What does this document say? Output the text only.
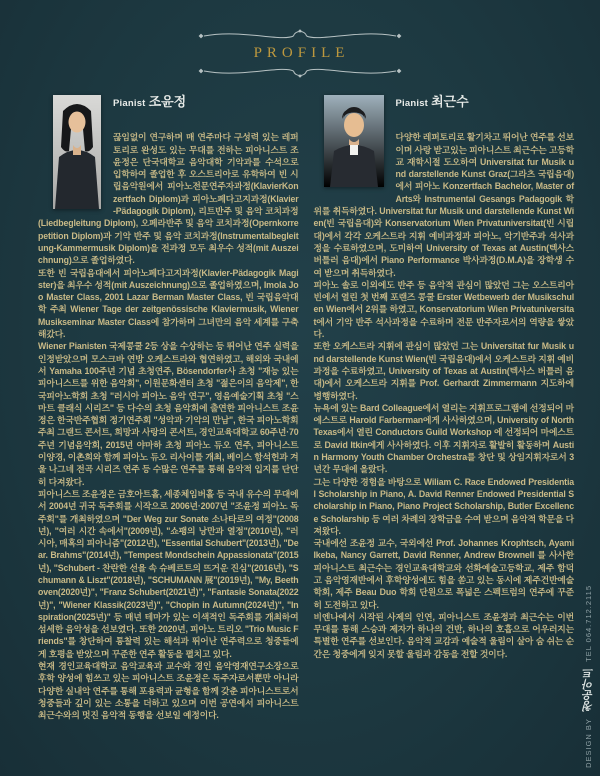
PROFILE
Pianist 조윤정

끊임없이 연구하며 매 연주마다 구성력 있는 레퍼토리로 완성도 있는 무대를 전하는 피아니스트 조윤정은 단국대학교 음악대학 기악과를 수석으로 입학하여 졸업한 후 오스트리아로 유학하여 빈 시립음악원에서 피아노전문연주자과정(KlavierKonzertfach Diplom)과 피아노페다고지과정(Klavier-Pädagogik Diplom), 리트반주 및 음악 코치과정(Liedbegleitung Diplom), 오페라반주 및 음악 코치과정(Opernkorrepetition Diplom)과 기악 반주 및 음악 코치과정(Instrumentalbegleitung-Kammermusik Diplom)을 전과정 모두 최우수 성적(mit Auszeichnung)으로 졸업하였다.

또한 빈 국립음대에서 피아노페다고지과정(Klavier-Pädagogik Magister)을 최우수 성적(mit Auszeichnung)으로 졸업하였으며, Imola Joo Master Class, 2001 Lazar Berman Master Class, 빈 국립음악대학 주최 Wiener Tage der zeitgenössische Klaviermusik, Wiener Musikseminar Master Class에 참가하며 그녀만의 음악 세계를 구축해갔다.

Wiener Pianisten 국제콩쿨 2등 상을 수상하는 등 뛰어난 연주 실력을 인정받았으며 모스크바 연방 오케스트라와 협연하였고, 해외와 국내에서 Yamaha 100주년 기념 초청연주, Bösendorfer사 초청 "재능 있는 피아니스트를 위한 음악회", 이원문화센터 초청 "젊은이의 음악제", 한국피아노학회 초청 "러시아 피아노 음악 연구", 영음예술기획 초청 "스마트 클래식 시리즈" 등 다수의 초청 음악회에 출연한 피아니스트 조윤정은 한국반주협회 정기연주회 "성악과 기악의 만남", 한국 피아노학회 주최 그랜드 콘서트, 희망과 사랑의 콘서트, 경인교육대학교 60주년·70주년 기념음악회, 2015년 야마하 초청 피아노 듀오 연주, 피아니스트 이양경, 이촌희와 함께 피아노 듀오 리사이틀 개최, 베이스 함석헌과 겨울 나그네 전곡 시리즈 연주 등 수많은 연주를 통해 음악적 입지를 단단히 다져왔다.

피아니스트 조윤정은 금호아트홀, 세종체임버홀 등 국내 유수의 무대에서 2004년 귀국 독주회를 시작으로 2006년·2007년 "조윤정 피아노 독주회"를 개최하였으며 "Der Weg zur Sonate 소나타로의 여정"(2008년), "여러 시간 속에서"(2009년), "쇼팽의 낭만과 열정"(2010년), "러시아, 매혹의 피아니즘"(2012년), "Essential Schubert"(2013년), "Dear. Brahms"(2014년), "Tempest Mondschein Appassionata"(2015년), "Schubert - 찬란한 선율 속 슈베르트의 뜨거운 진심"(2016년), "Schumann & Liszt"(2018년), "SCHUMANN 展"(2019년), "My, Beethoven(2020년)", "Franz Schubert(2021년)", "Fantasie Sonata(2022년)", "Wiener Klassik(2023년)", "Chopin in Autumn(2024년)", "Inspiration(2025년)" 등 매년 테마가 있는 이색적인 독주회를 개최하여 섬세한 음악성을 선보였다. 또한 2020년, 피아노 트리오 "Trio Music Friends"를 창단하여 통찰력 있는 해석과 뛰어난 연주력으로 청중들에게 호평을 받았으며 꾸준한 연주 활동을 펼치고 있다.

현재 경인교육대학교 음악교육과 교수와 경인 음악영재연구소장으로 후학 양성에 힘쓰고 있는 피아니스트 조윤정은 독주자로서뿐만 아니라 다양한 실내악 연주를 통해 포용력과 균형을 함께 갖춘 피아니스트로서 청중들과 깊이 있는 소통을 더하고 있으며 이번 공연에서 피아니스트 최근수와의 멋진 음악적 동행을 선보일 예정이다.

Pianist 최근수

다양한 레퍼토리로 활기차고 뛰어난 연주를 선보이며 사랑 받고있는 피아니스트 최근수는 고등학교 재학시절 도오하여 Universitat fur Musik und darstellende Kunst Graz(그라츠 국립음대)에서 피아노 Konzertfach Bachelor, Master of Arts와 Instrumental Gesangs Padagogik 학위를 취득하였다. Universitat fur Musik und darstellende Kunst Wien(빈 국립음대)와 Konservatorium Wien Privatuniversitat(빈 시립대)에서 각각 오케스트라 지휘 예비과정과 피아노, 악기반주과 석사과정을 수료하였으며, 도미하여 University of Texas at Austin(텍사스 버틀러 음대)에서 Piano Performance 박사과정(D.M.A)을 장학생 수여 받으며 취득하였다.

피아노 솔로 이외에도 반주 등 음악적 관심이 많았던 그는 오스트리아 빈에서 열린 첫 번째 포랜즈 콩쿨 Erster Wetbewerb der Musikschulen Wien에서 2위를 하였고, Konservatorium Wien Privatuniversitat에서 기악 반주 석사과정을 수료하며 전문 반주자로서의 역량을 쌓았다.

또한 오케스트라 지휘에 관심이 많았던 그는 Universitat fur Musik und darstellende Kunst Wien(빈 국립음대)에서 오케스트라 지휘 예비과정을 수료하였고, University of Texas at Austin(텍사스 버틀러 음대)에서 오케스트라 지휘를 Prof. Gerhardt Zimmermann 지도하에 병행하였다.

뉴욕에 있는 Bard Colleague에서 열리는 지휘프로그램에 선정되어 마에스트로 Harold Farberman에게 사사하였으며, University of North Texas에서 열린 Conductors Guild Workshop 에 선정되어 마에스트로 David Itkin에게 사사하였다. 이후 지휘자로 활발히 활동하며 Austin Harmony Youth Chamber Orchestra를 창단 및 상임지휘자로서 3년간 무대에 올랐다.

그는 다양한 경험을 바탕으로 Wiliam C. Race Endowed Presidential Scholarship in Piano, A. David Renner Endowed Presidential Scholarship in Piano, Piano Project Scholarship, Butler Excellence Scholarship 등 여러 차례의 장학금을 수여 받으며 음악적 학문을 다져왔다.

국내에선 조윤정 교수, 국외에선 Prof. Johannes Krophtsch, Ayami Ikeba, Nancy Garrett, David Renner, Andrew Brownell 를 사사한 피아니스트 최근수는 경인교육대학교와 선화예술고등학교, 제주 함덕고 음악영재반에서 후학양성에도 힘을 쏟고 있는 동시에 제주건반예술학회, 제주 Beau Duo 학회 단원으로 폭넓은 스펙트럼의 연주에 꾸준히 도전하고 있다.

비엔나에서 시작된 사제의 인연, 피아니스트 조윤정과 최근수는 이번 무대를 통해 스승과 제자가 하나의 건반, 하나의 호흡으로 어우러지는 특별한 연주를 선보인다. 음악적 교감과 예술적 울림이 살아 숨 쉬는 순간은 청중에게 잊지 못할 울림과 감동을 전할 것이다.

DESIGN BY 청운아트 TEL 064.712.2115
